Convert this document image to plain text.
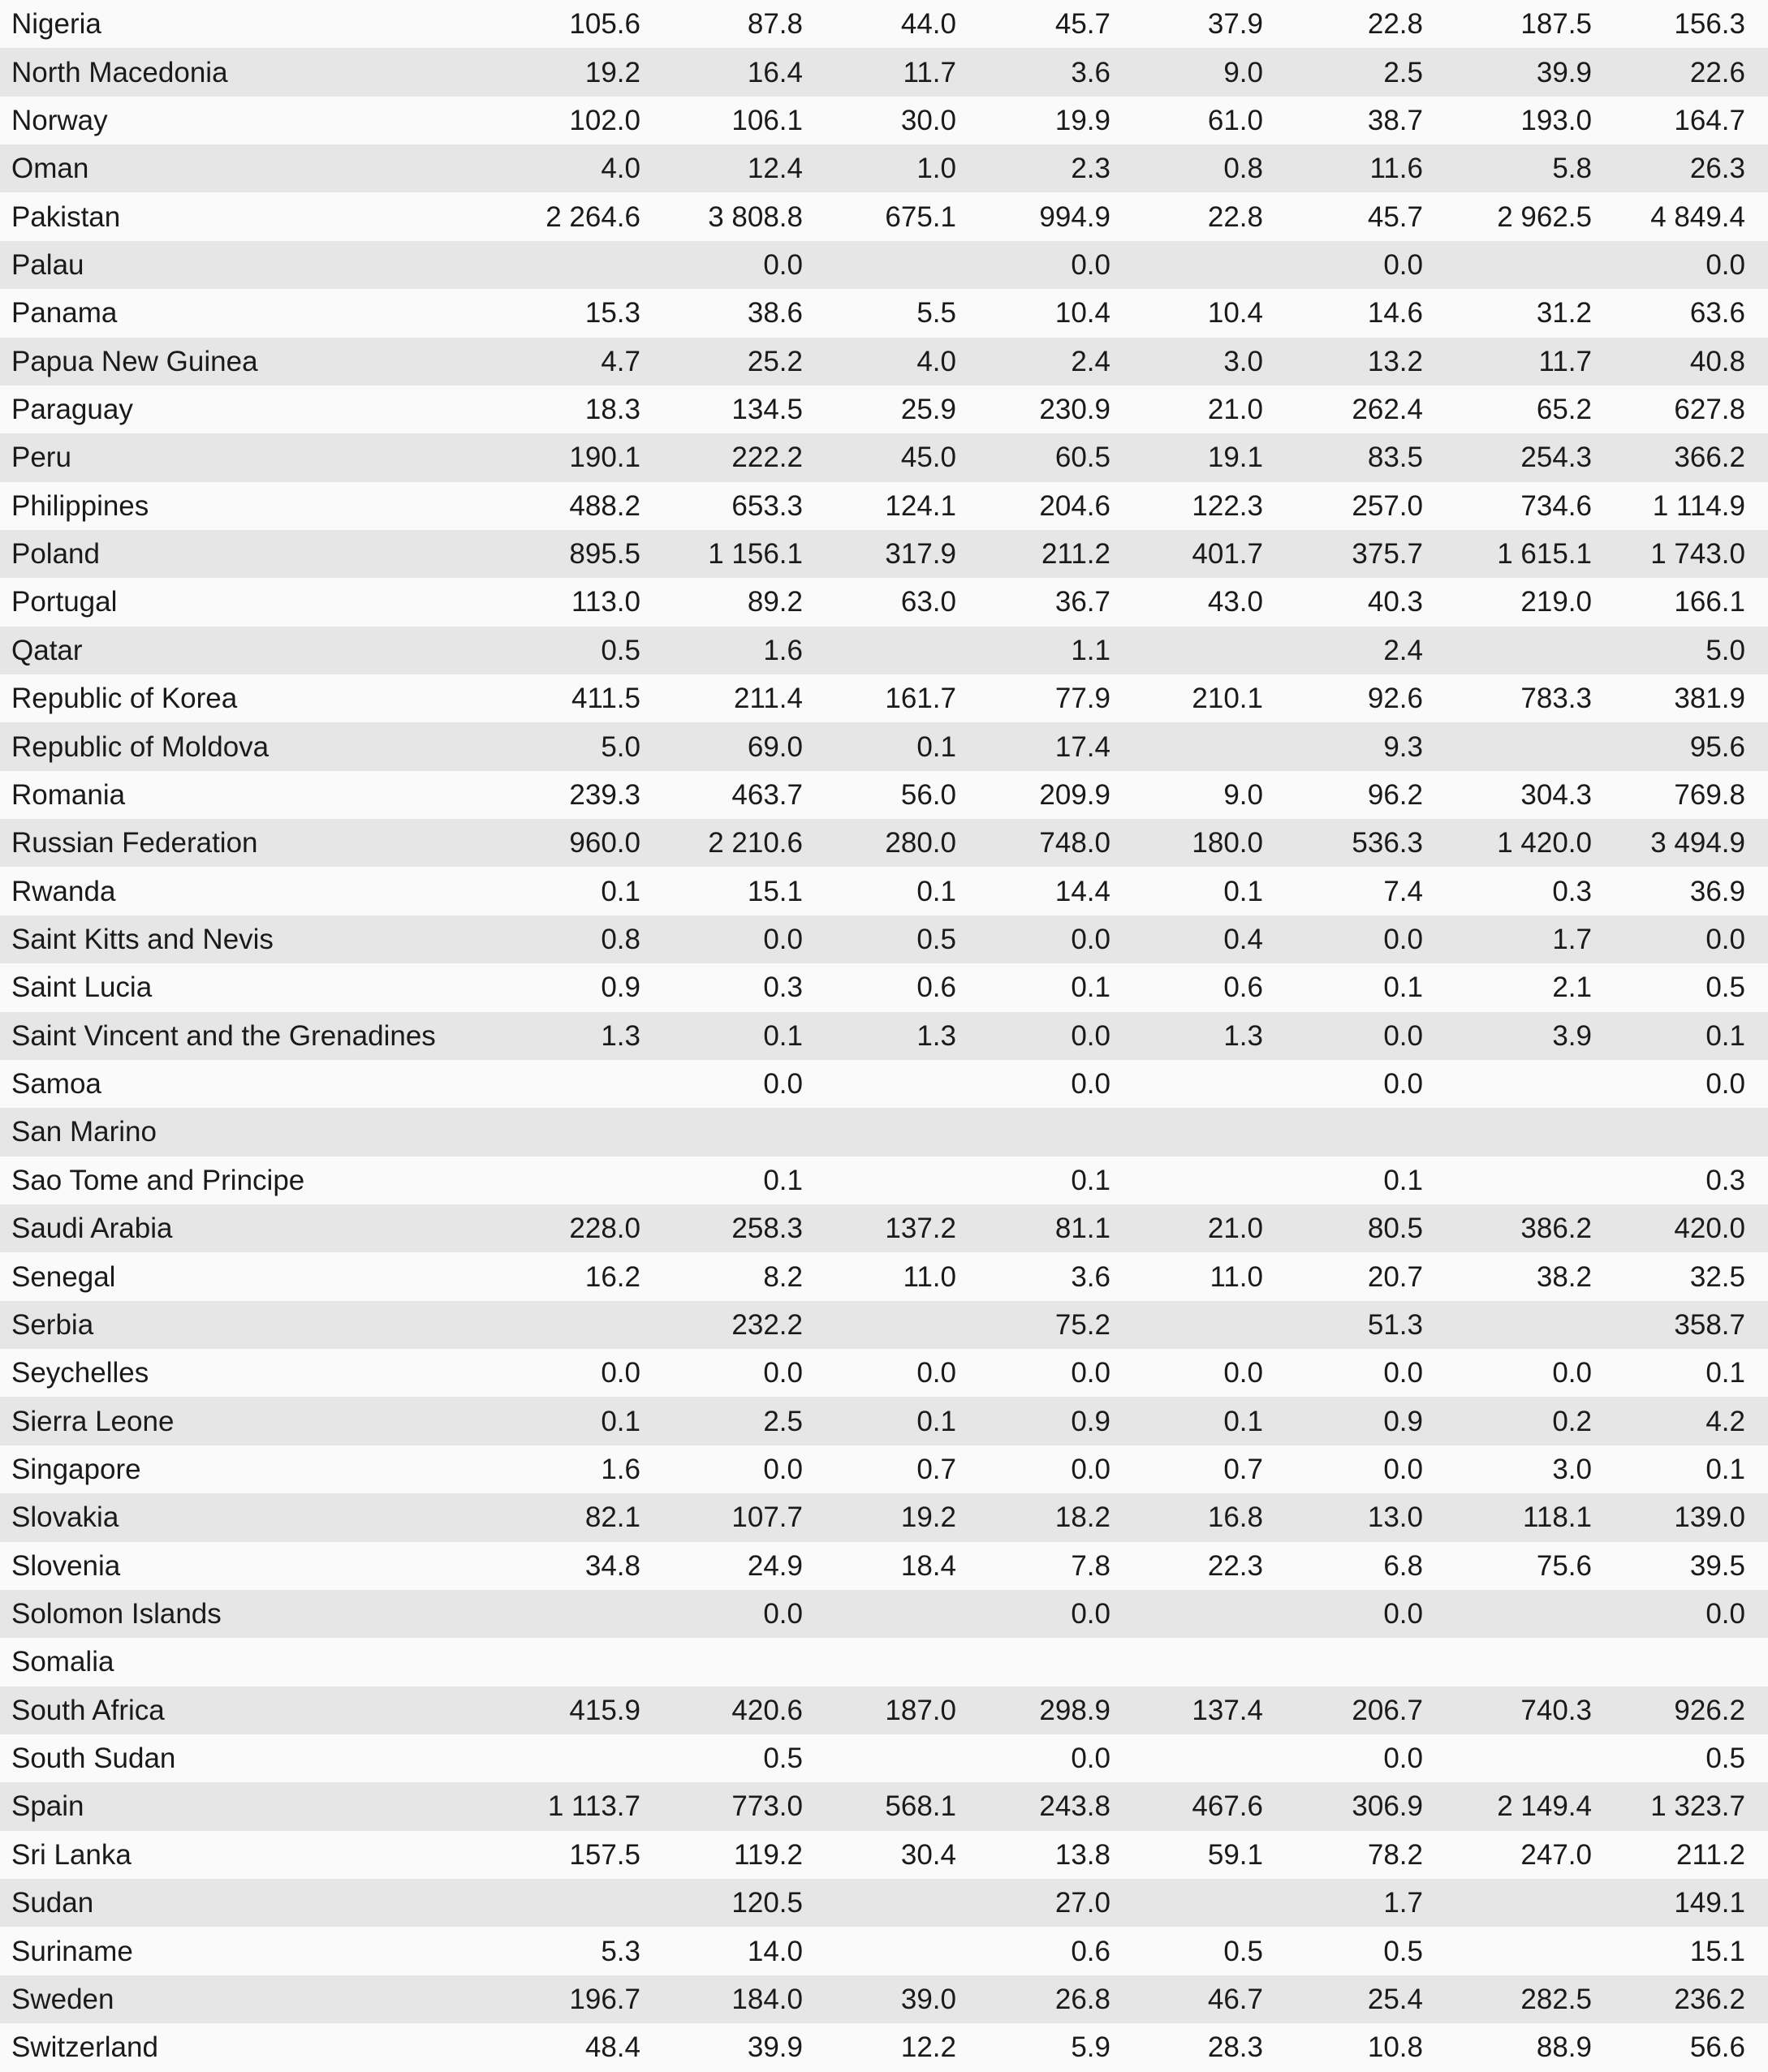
Nigeria	105.6	87.8	44.0	45.7	37.9	22.8	187.5	156.3
North Macedonia	19.2	16.4	11.7	3.6	9.0	2.5	39.9	22.6
Norway	102.0	106.1	30.0	19.9	61.0	38.7	193.0	164.7
Oman	4.0	12.4	1.0	2.3	0.8	11.6	5.8	26.3
Pakistan	2 264.6	3 808.8	675.1	994.9	22.8	45.7	2 962.5	4 849.4
Palau		0.0		0.0		0.0		0.0
Panama	15.3	38.6	5.5	10.4	10.4	14.6	31.2	63.6
Papua New Guinea	4.7	25.2	4.0	2.4	3.0	13.2	11.7	40.8
Paraguay	18.3	134.5	25.9	230.9	21.0	262.4	65.2	627.8
Peru	190.1	222.2	45.0	60.5	19.1	83.5	254.3	366.2
Philippines	488.2	653.3	124.1	204.6	122.3	257.0	734.6	1 114.9
Poland	895.5	1 156.1	317.9	211.2	401.7	375.7	1 615.1	1 743.0
Portugal	113.0	89.2	63.0	36.7	43.0	40.3	219.0	166.1
Qatar	0.5	1.6		1.1		2.4		5.0
Republic of Korea	411.5	211.4	161.7	77.9	210.1	92.6	783.3	381.9
Republic of Moldova	5.0	69.0	0.1	17.4		9.3		95.6
Romania	239.3	463.7	56.0	209.9	9.0	96.2	304.3	769.8
Russian Federation	960.0	2 210.6	280.0	748.0	180.0	536.3	1 420.0	3 494.9
Rwanda	0.1	15.1	0.1	14.4	0.1	7.4	0.3	36.9
Saint Kitts and Nevis	0.8	0.0	0.5	0.0	0.4	0.0	1.7	0.0
Saint Lucia	0.9	0.3	0.6	0.1	0.6	0.1	2.1	0.5
Saint Vincent and the Grenadines	1.3	0.1	1.3	0.0	1.3	0.0	3.9	0.1
Samoa		0.0		0.0		0.0		0.0
San Marino								
Sao Tome and Principe		0.1		0.1		0.1		0.3
Saudi Arabia	228.0	258.3	137.2	81.1	21.0	80.5	386.2	420.0
Senegal	16.2	8.2	11.0	3.6	11.0	20.7	38.2	32.5
Serbia		232.2		75.2		51.3		358.7
Seychelles	0.0	0.0	0.0	0.0	0.0	0.0	0.0	0.1
Sierra Leone	0.1	2.5	0.1	0.9	0.1	0.9	0.2	4.2
Singapore	1.6	0.0	0.7	0.0	0.7	0.0	3.0	0.1
Slovakia	82.1	107.7	19.2	18.2	16.8	13.0	118.1	139.0
Slovenia	34.8	24.9	18.4	7.8	22.3	6.8	75.6	39.5
Solomon Islands		0.0		0.0		0.0		0.0
Somalia								
South Africa	415.9	420.6	187.0	298.9	137.4	206.7	740.3	926.2
South Sudan		0.5		0.0		0.0		0.5
Spain	1 113.7	773.0	568.1	243.8	467.6	306.9	2 149.4	1 323.7
Sri Lanka	157.5	119.2	30.4	13.8	59.1	78.2	247.0	211.2
Sudan		120.5		27.0		1.7		149.1
Suriname	5.3	14.0		0.6	0.5	0.5		15.1
Sweden	196.7	184.0	39.0	26.8	46.7	25.4	282.5	236.2
Switzerland	48.4	39.9	12.2	5.9	28.3	10.8	88.9	56.6
